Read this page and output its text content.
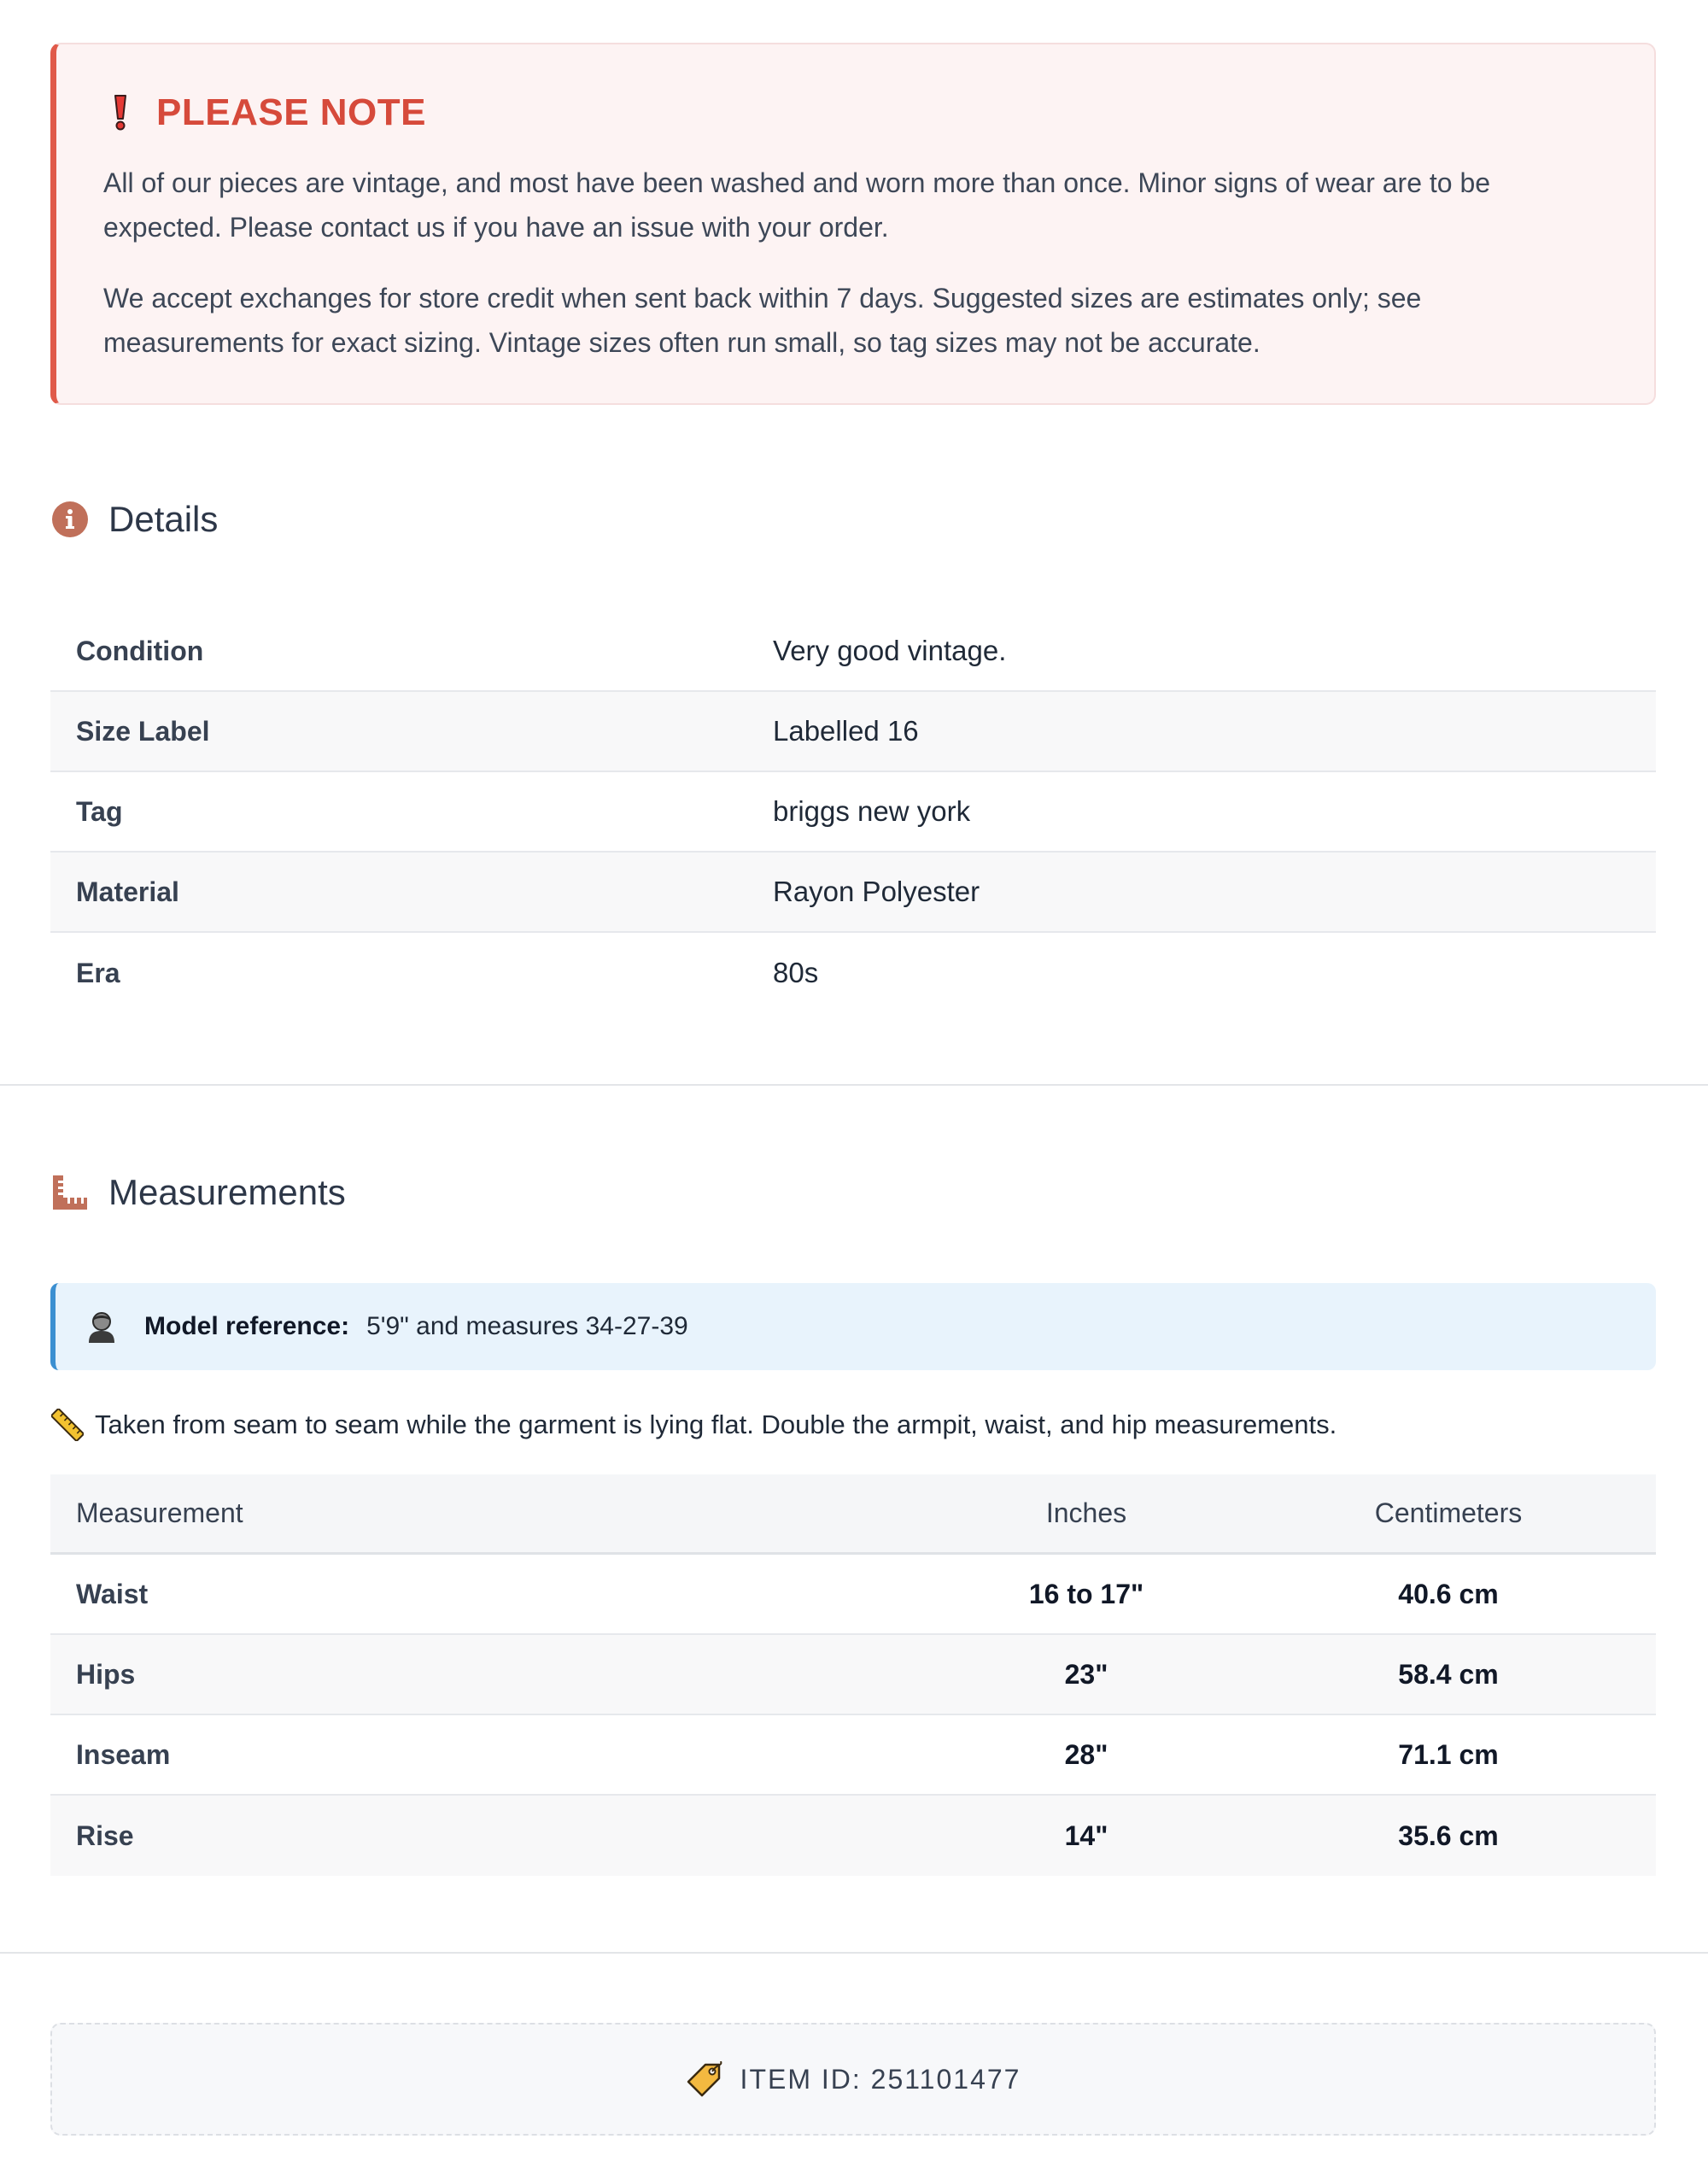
PLEASE NOTE

All of our pieces are vintage, and most have been washed and worn more than once. Minor signs of wear are to be expected. Please contact us if you have an issue with your order.

We accept exchanges for store credit when sent back within 7 days. Suggested sizes are estimates only; see measurements for exact sizing. Vintage sizes often run small, so tag sizes may not be accurate.

Details
Condition	Very good vintage.
Size Label	Labelled 16
Tag	briggs new york
Material	Rayon Polyester
Era	80s
Measurements
Model reference: 5'9" and measures 34-27-39
Taken from seam to seam while the garment is lying flat. Double the armpit, waist, and hip measurements.
Measurement	Inches	Centimeters
Waist	16 to 17"	40.6 cm
Hips	23"	58.4 cm
Inseam	28"	71.1 cm
Rise	14"	35.6 cm
ITEM ID: 251101477
